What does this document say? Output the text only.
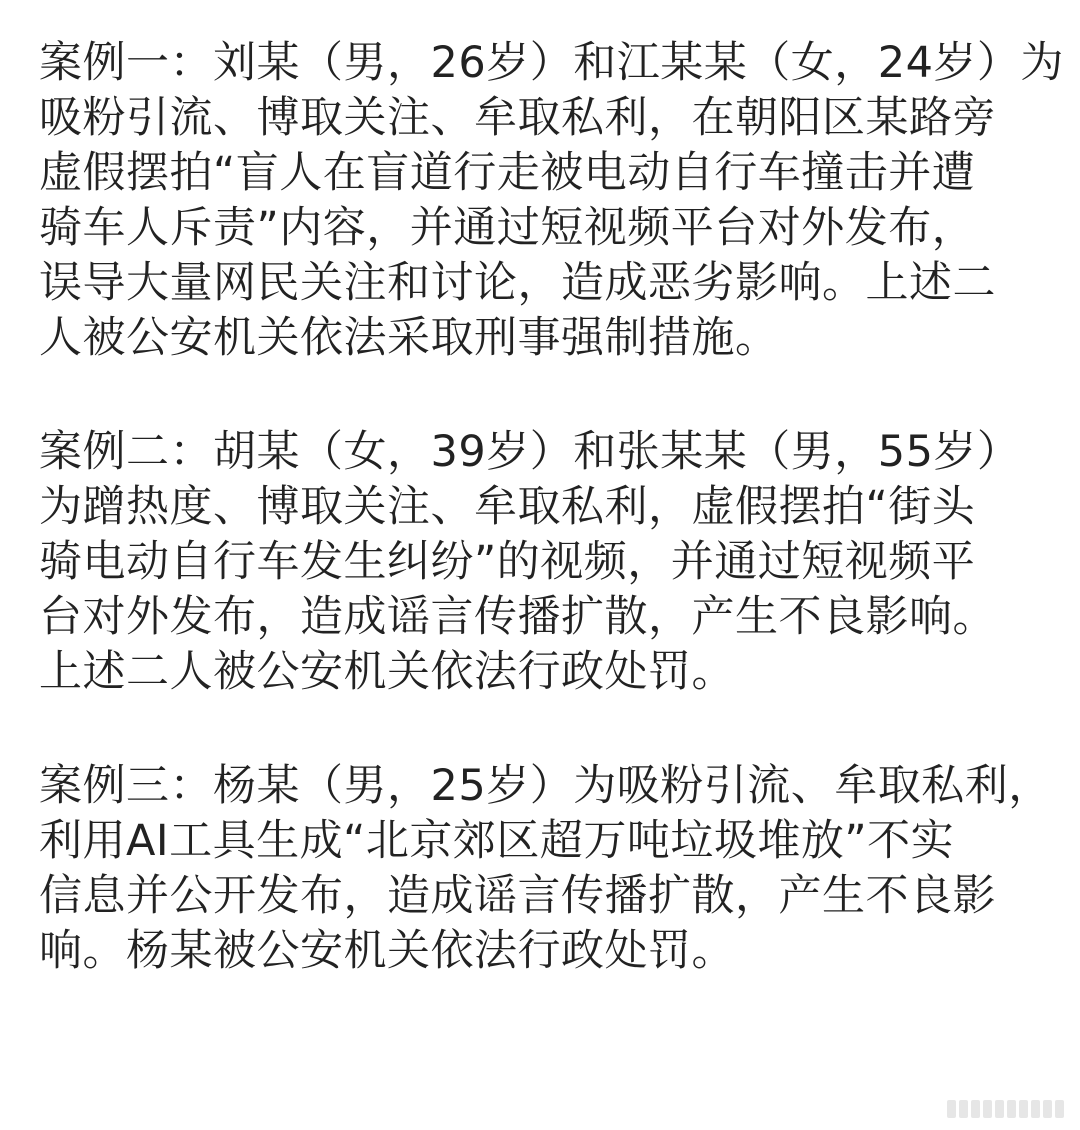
案例一：刘某（男，26岁）和江某某（女，24岁）为
吸粉引流、博取关注、牟取私利，在朝阳区某路旁
虚假摆拍“盲人在盲道行走被电动自行车撞击并遭
骑车人斥责”内容，并通过短视频平台对外发布，
误导大量网民关注和讨论，造成恶劣影响。上述二
人被公安机关依法采取刑事强制措施。
案例二：胡某（女，39岁）和张某某（男，55岁）
为蹭热度、博取关注、牟取私利，虚假摆拍“街头
骑电动自行车发生纠纷”的视频，并通过短视频平
台对外发布，造成谣言传播扩散，产生不良影响。
上述二人被公安机关依法行政处罚。
案例三：杨某（男，25岁）为吸粉引流、牟取私利，
利用AI工具生成“北京郊区超万吨垃圾堆放”不实
信息并公开发布，造成谣言传播扩散，产生不良影
响。杨某被公安机关依法行政处罚。
